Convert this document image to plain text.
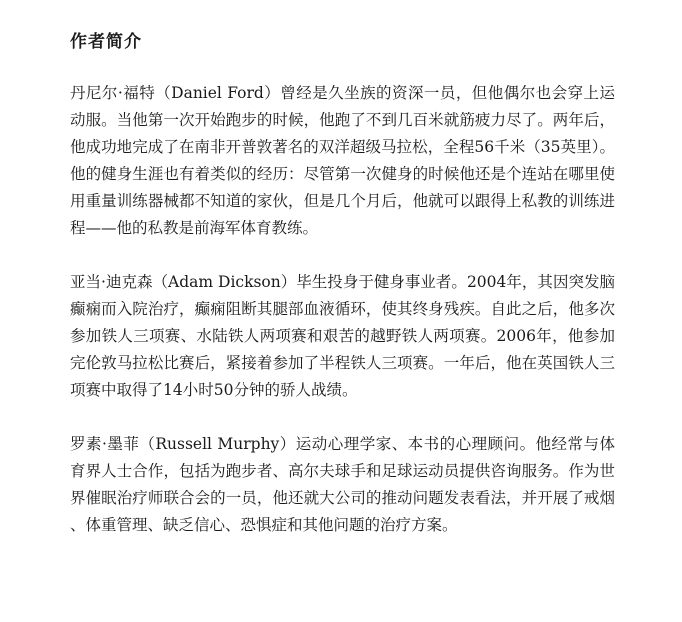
作者简介

丹尼尔·福特（Daniel Ford）曾经是久坐族的资深一员，但他偶尔也会穿上运动服。当他第一次开始跑步的时候，他跑了不到几百米就筋疲力尽了。两年后，他成功地完成了在南非开普敦著名的双洋超级马拉松，全程56千米（35英里）。他的健身生涯也有着类似的经历：尽管第一次健身的时候他还是个连站在哪里使用重量训练器械都不知道的家伙，但是几个月后，他就可以跟得上私教的训练进程——他的私教是前海军体育教练。

亚当·迪克森（Adam Dickson）毕生投身于健身事业者。2004年，其因突发脑癫痫而入院治疗，癫痫阻断其腿部血液循环，使其终身残疾。自此之后，他多次参加铁人三项赛、水陆铁人两项赛和艰苦的越野铁人两项赛。2006年，他参加完伦敦马拉松比赛后，紧接着参加了半程铁人三项赛。一年后，他在英国铁人三项赛中取得了14小时50分钟的骄人战绩。

罗素·墨菲（Russell Murphy）运动心理学家、本书的心理顾问。他经常与体育界人士合作，包括为跑步者、高尔夫球手和足球运动员提供咨询服务。作为世界催眠治疗师联合会的一员，他还就大公司的推动问题发表看法，并开展了戒烟、体重管理、缺乏信心、恐惧症和其他问题的治疗方案。
